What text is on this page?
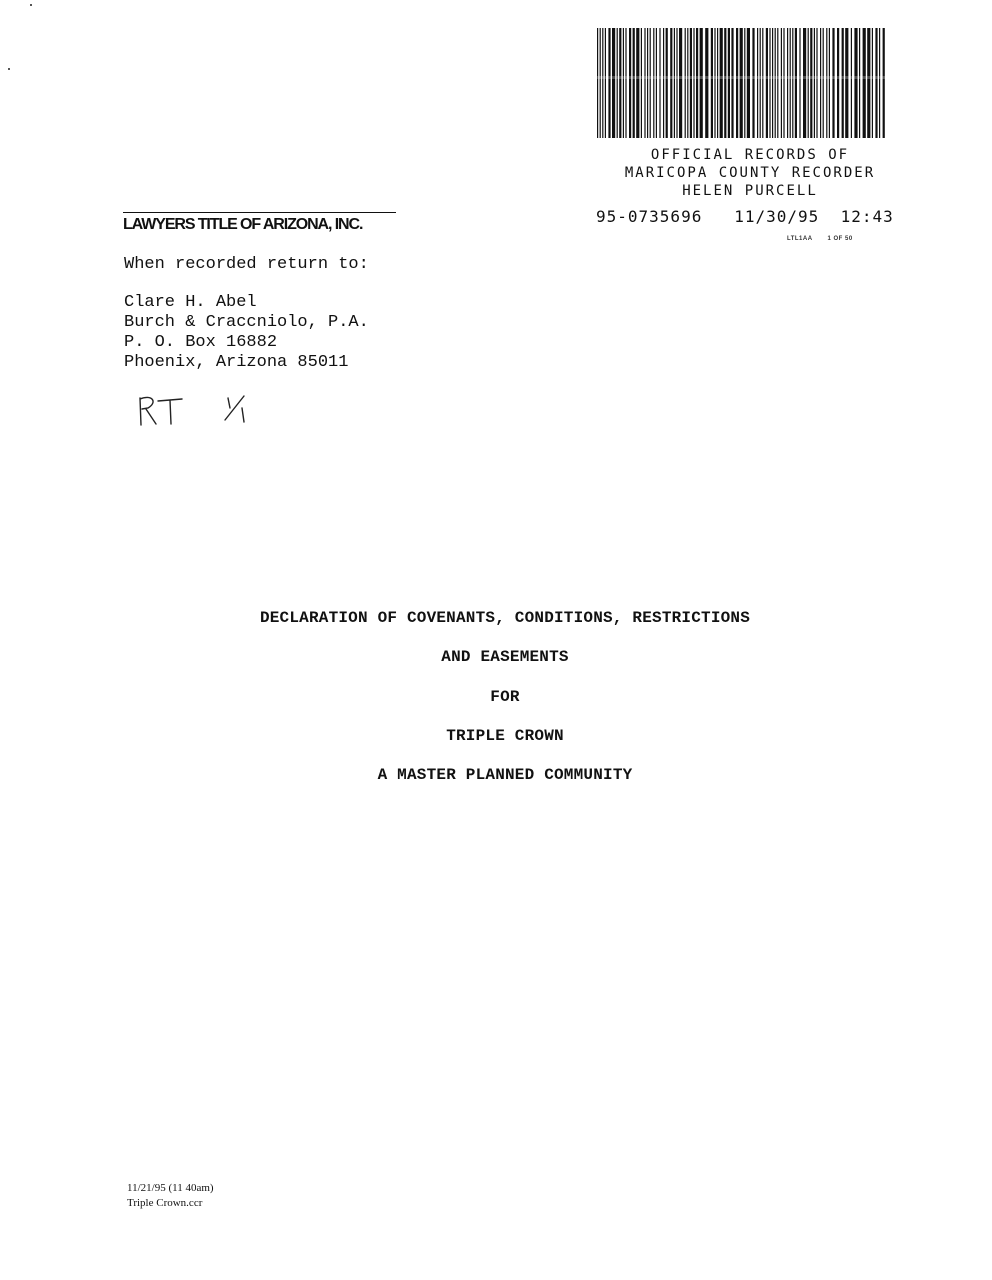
OFFICIAL RECORDS OF
MARICOPA COUNTY RECORDER
HELEN PURCELL
95-0735696 11/30/95 12:43
LTL1AA	1 OF 50
LAWYERS TITLE OF ARIZONA, INC.
When recorded return to:
Clare H. Abel
Burch & Craccniolo, P.A.
P. O. Box 16882
Phoenix, Arizona 85011
DECLARATION OF COVENANTS, CONDITIONS, RESTRICTIONS
AND EASEMENTS
FOR
TRIPLE CROWN
A MASTER PLANNED COMMUNITY
11/21/95 (11 40am)
Triple Crown.ccr
